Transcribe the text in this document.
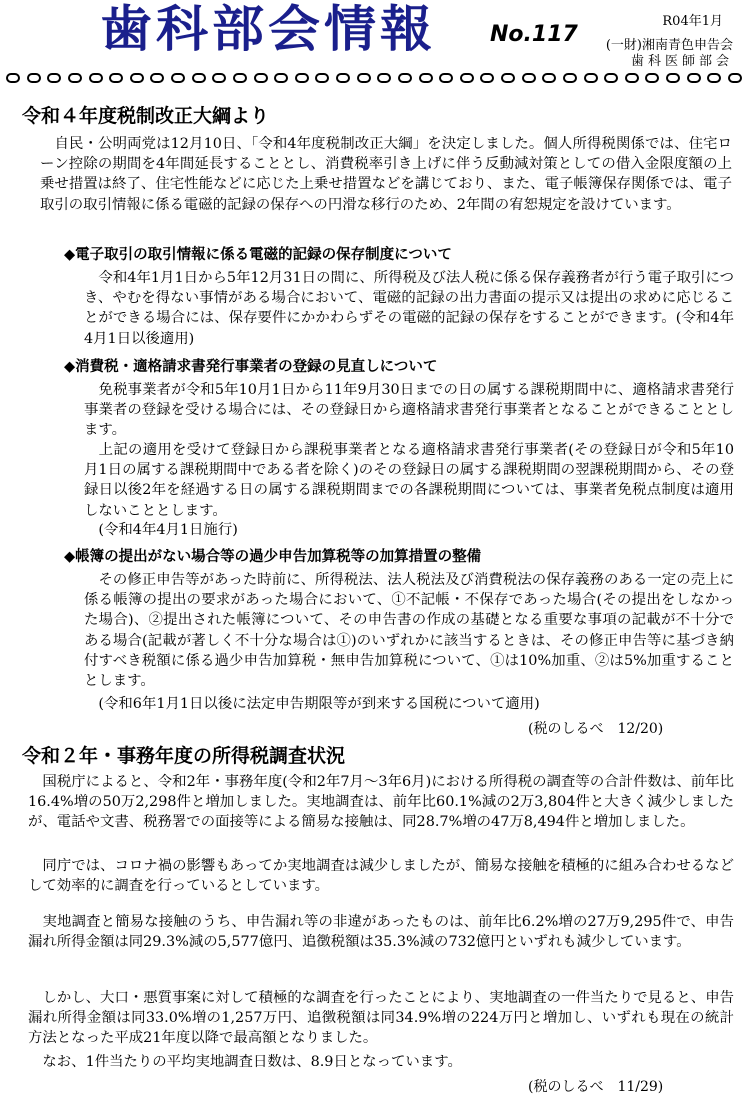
歯科部会情報 No.117
R04年1月
(一財)湘南青色申告会
歯科医師部会
令和４年度税制改正大綱より
　自民・公明両党は12月10日、「令和4年度税制改正大綱」を決定しました。個人所得税関係では、住宅ローン控除の期間を4年間延長することとし、消費税率引き上げに伴う反動減対策としての借入金限度額の上乗せ措置は終了、住宅性能などに応じた上乗せ措置などを講じており、また、電子帳簿保存関係では、電子取引の取引情報に係る電磁的記録の保存への円滑な移行のため、2年間の宥恕規定を設けています。
◆電子取引の取引情報に係る電磁的記録の保存制度について
　令和4年1月1日から5年12月31日の間に、所得税及び法人税に係る保存義務者が行う電子取引につき、やむを得ない事情がある場合において、電磁的記録の出力書面の提示又は提出の求めに応じることができる場合には、保存要件にかかわらずその電磁的記録の保存をすることができます。(令和4年4月1日以後適用)
◆消費税・適格請求書発行事業者の登録の見直しについて
　免税事業者が令和5年10月1日から11年9月30日までの日の属する課税期間中に、適格請求書発行事業者の登録を受ける場合には、その登録日から適格請求書発行事業者となることができることとします。
　上記の適用を受けて登録日から課税事業者となる適格請求書発行事業者(その登録日が令和5年10月1日の属する課税期間中である者を除く)のその登録日の属する課税期間の翌課税期間から、その登録日以後2年を経過する日の属する課税期間までの各課税期間については、事業者免税点制度は適用しないこととします。
　(令和4年4月1日施行)
◆帳簿の提出がない場合等の過少申告加算税等の加算措置の整備
　その修正申告等があった時前に、所得税法、法人税法及び消費税法の保存義務のある一定の売上に係る帳簿の提出の要求があった場合において、①不記帳・不保存であった場合(その提出をしなかった場合)、②提出された帳簿について、その申告書の作成の基礎となる重要な事項の記載が不十分である場合(記載が著しく不十分な場合は①)のいずれかに該当するときは、その修正申告等に基づき納付すべき税額に係る過少申告加算税・無申告加算税について、①は10%加重、②は5%加重することとします。
　(令和6年1月1日以後に法定申告期限等が到来する国税について適用)
(税のしるべ　12/20)
令和２年・事務年度の所得税調査状況
　国税庁によると、令和2年・事務年度(令和2年7月～3年6月)における所得税の調査等の合計件数は、前年比16.4%増の50万2,298件と増加しました。実地調査は、前年比60.1%減の2万3,804件と大きく減少しましたが、電話や文書、税務署での面接等による簡易な接触は、同28.7%増の47万8,494件と増加しました。
　同庁では、コロナ禍の影響もあってか実地調査は減少しましたが、簡易な接触を積極的に組み合わせるなどして効率的に調査を行っているとしています。
　実地調査と簡易な接触のうち、申告漏れ等の非違があったものは、前年比6.2%増の27万9,295件で、申告漏れ所得金額は同29.3%減の5,577億円、追徴税額は35.3%減の732億円といずれも減少しています。
　しかし、大口・悪質事案に対して積極的な調査を行ったことにより、実地調査の一件当たりで見ると、申告漏れ所得金額は同33.0%増の1,257万円、追徴税額は同34.9%増の224万円と増加し、いずれも現在の統計方法となった平成21年度以降で最高額となりました。
　なお、1件当たりの平均実地調査日数は、8.9日となっています。
(税のしるべ　11/29)
